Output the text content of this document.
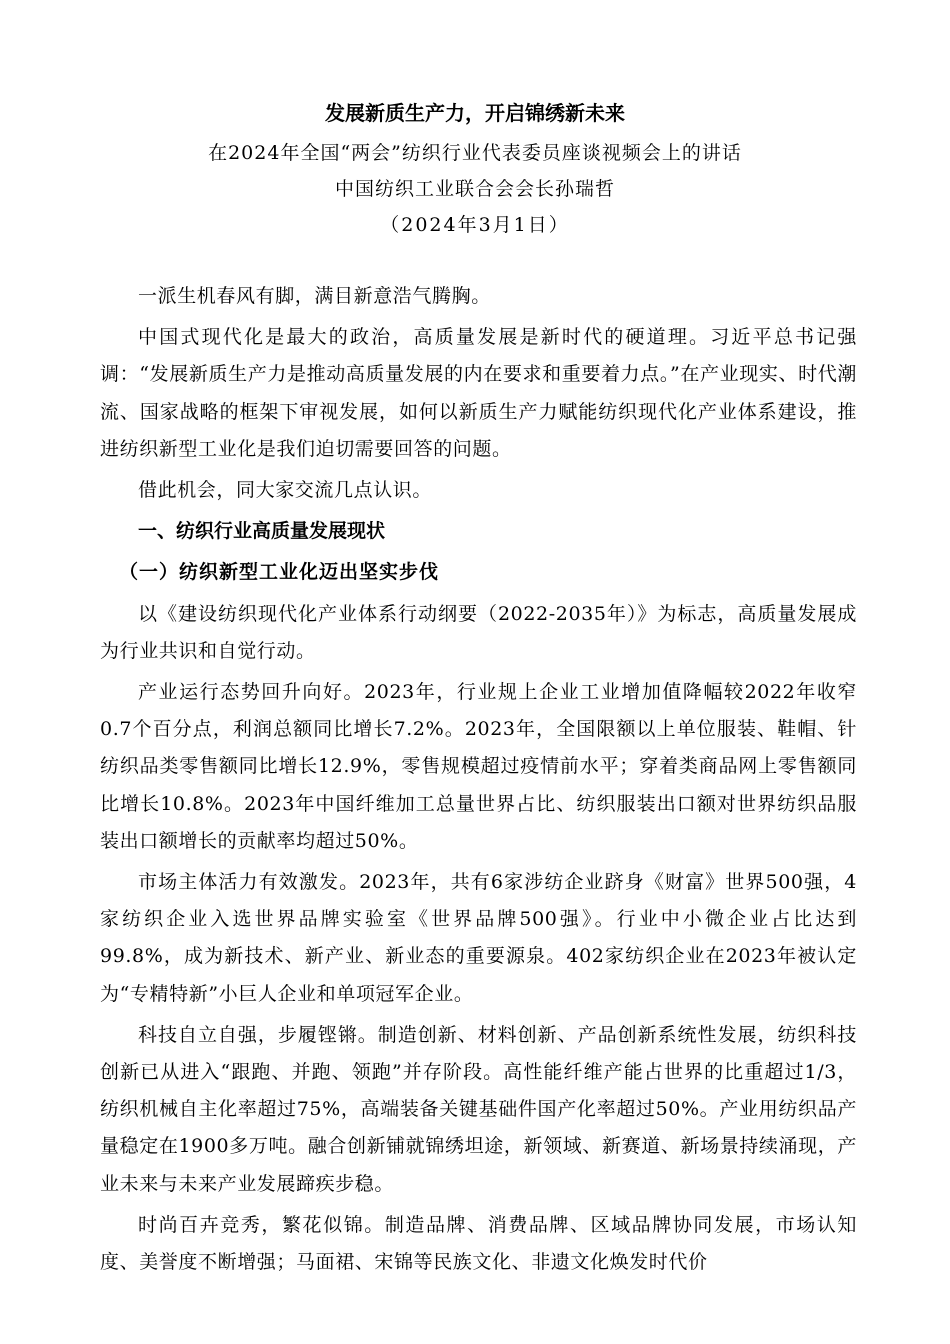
发展新质生产力，开启锦绣新未来
在2024年全国“两会”纺织行业代表委员座谈视频会上的讲话
中国纺织工业联合会会长孙瑞哲
（2024年3月1日）

一派生机春风有脚，满目新意浩气腾胸。

中国式现代化是最大的政治，高质量发展是新时代的硬道理。习近平总书记强调：“发展新质生产力是推动高质量发展的内在要求和重要着力点。”在产业现实、时代潮流、国家战略的框架下审视发展，如何以新质生产力赋能纺织现代化产业体系建设，推进纺织新型工业化是我们迫切需要回答的问题。

借此机会，同大家交流几点认识。

一、纺织行业高质量发展现状

（一）纺织新型工业化迈出坚实步伐

以《建设纺织现代化产业体系行动纲要（2022-2035年）》为标志，高质量发展成为行业共识和自觉行动。

产业运行态势回升向好。2023年，行业规上企业工业增加值降幅较2022年收窄0.7个百分点，利润总额同比增长7.2%。2023年，全国限额以上单位服装、鞋帽、针纺织品类零售额同比增长12.9%，零售规模超过疫情前水平；穿着类商品网上零售额同比增长10.8%。2023年中国纤维加工总量世界占比、纺织服装出口额对世界纺织品服装出口额增长的贡献率均超过50%。

市场主体活力有效激发。2023年，共有6家涉纺企业跻身《财富》世界500强，4家纺织企业入选世界品牌实验室《世界品牌500强》。行业中小微企业占比达到99.8%，成为新技术、新产业、新业态的重要源泉。402家纺织企业在2023年被认定为“专精特新”小巨人企业和单项冠军企业。

科技自立自强，步履铿锵。制造创新、材料创新、产品创新系统性发展，纺织科技创新已从进入“跟跑、并跑、领跑”并存阶段。高性能纤维产能占世界的比重超过1/3，纺织机械自主化率超过75%，高端装备关键基础件国产化率超过50%。产业用纺织品产量稳定在1900多万吨。融合创新铺就锦绣坦途，新领域、新赛道、新场景持续涌现，产业未来与未来产业发展蹄疾步稳。

时尚百卉竞秀，繁花似锦。制造品牌、消费品牌、区域品牌协同发展，市场认知度、美誉度不断增强；马面裙、宋锦等民族文化、非遗文化焕发时代价
